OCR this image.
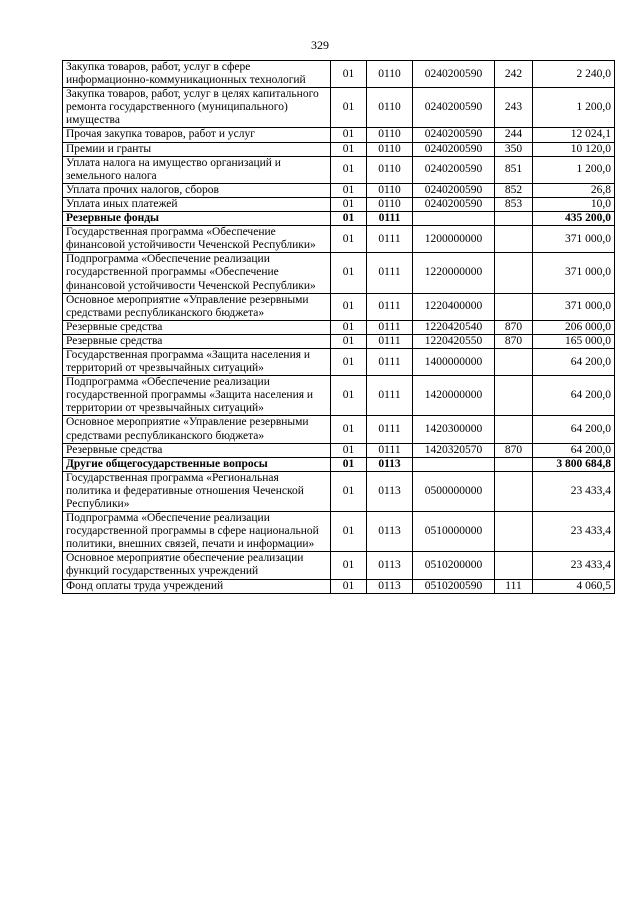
329
Закупка товаров, работ, услуг в сфере информационно-коммуникационных технологий	01	0110	0240200590	242	2 240,0
Закупка товаров, работ, услуг в целях капитального ремонта государственного (муниципального) имущества	01	0110	0240200590	243	1 200,0
Прочая закупка товаров, работ и услуг	01	0110	0240200590	244	12 024,1
Премии и гранты	01	0110	0240200590	350	10 120,0
Уплата налога на имущество организаций и земельного налога	01	0110	0240200590	851	1 200,0
Уплата прочих налогов, сборов	01	0110	0240200590	852	26,8
Уплата иных платежей	01	0110	0240200590	853	10,0
Резервные фонды	01	0111			435 200,0
Государственная программа «Обеспечение финансовой устойчивости Чеченской Республики»	01	0111	1200000000		371 000,0
Подпрограмма «Обеспечение реализации государственной программы «Обеспечение финансовой устойчивости Чеченской Республики»	01	0111	1220000000		371 000,0
Основное мероприятие «Управление резервными средствами республиканского бюджета»	01	0111	1220400000		371 000,0
Резервные средства	01	0111	1220420540	870	206 000,0
Резервные средства	01	0111	1220420550	870	165 000,0
Государственная программа «Защита населения и территорий от чрезвычайных ситуаций»	01	0111	1400000000		64 200,0
Подпрограмма «Обеспечение реализации государственной программы «Защита населения и территории от чрезвычайных ситуаций»	01	0111	1420000000		64 200,0
Основное мероприятие «Управление резервными средствами республиканского бюджета»	01	0111	1420300000		64 200,0
Резервные средства	01	0111	1420320570	870	64 200,0
Другие общегосударственные вопросы	01	0113			3 800 684,8
Государственная программа «Региональная политика и федеративные отношения Чеченской Республики»	01	0113	0500000000		23 433,4
Подпрограмма «Обеспечение реализации государственной программы в сфере национальной политики, внешних связей, печати и информации»	01	0113	0510000000		23 433,4
Основное мероприятие обеспечение реализации функций государственных учреждений	01	0113	0510200000		23 433,4
Фонд оплаты труда учреждений	01	0113	0510200590	111	4 060,5
